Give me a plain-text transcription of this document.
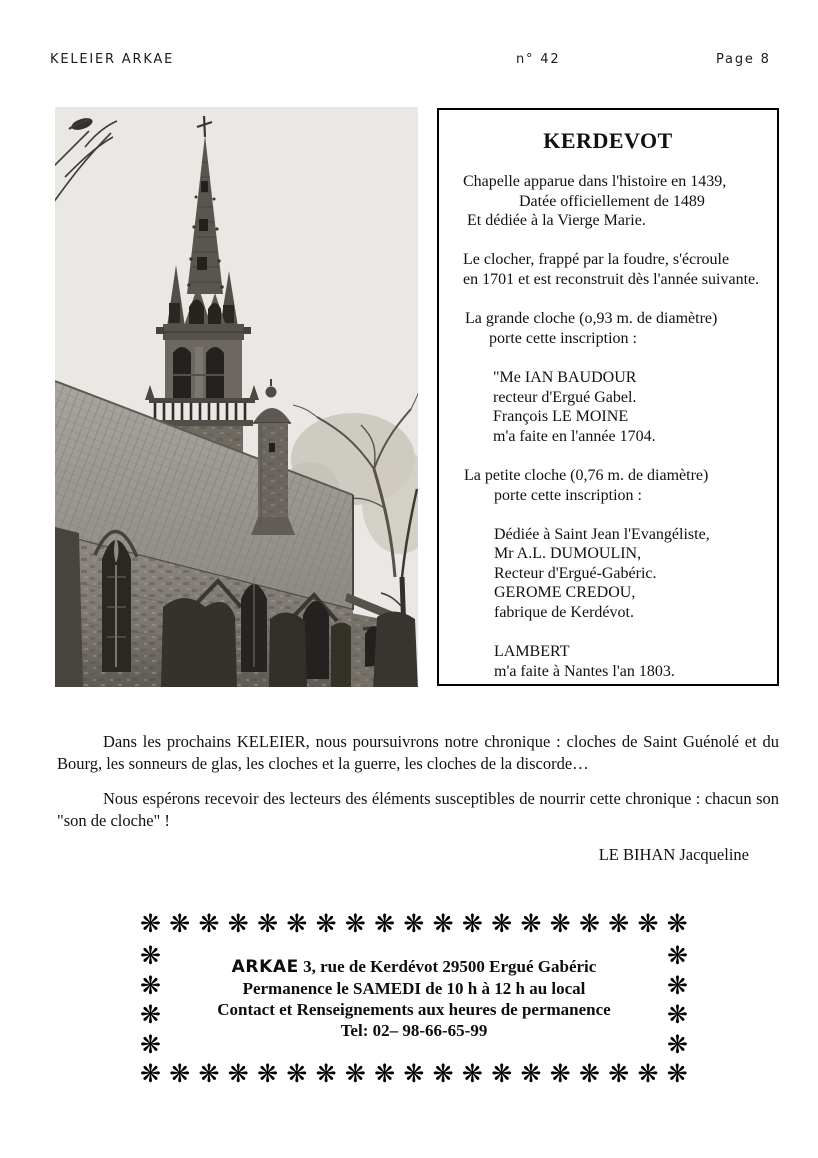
KELEIER ARKAE	n° 42	Page 8
KERDEVOT
Chapelle apparue dans l'histoire en 1439,
Datée officiellement de 1489
Et dédiée à la Vierge Marie.

Le clocher, frappé par la foudre, s'écroule
en 1701 et est reconstruit dès l'année suivante.

La grande cloche (o,93 m. de diamètre)
porte cette inscription :

"Me IAN BAUDOUR
recteur d'Ergué Gabel.
François LE MOINE
m'a faite en l'année 1704.

La petite cloche (0,76 m. de diamètre)
porte cette inscription :

Dédiée à Saint Jean l'Evangéliste,
Mr A.L. DUMOULIN,
Recteur d'Ergué-Gabéric.
GEROME CREDOU,
fabrique de Kerdévot.

LAMBERT
m'a faite à Nantes l'an 1803.

Dans les prochains KELEIER, nous poursuivrons notre chronique : cloches de Saint Guénolé et du Bourg, les sonneurs de glas, les cloches et la guerre, les cloches de la discorde…

Nous espérons recevoir des lecteurs des éléments susceptibles de nourrir cette chronique : chacun son "son de cloche" !

LE BIHAN Jacqueline
❋ ❋ ❋ ❋ ❋ ❋ ❋ ❋ ❋ ❋ ❋ ❋ ❋ ❋ ❋ ❋ ❋ ❋ ❋
❋
❋
❋
❋
ARKAE 3, rue de Kerdévot 29500 Ergué Gabéric
Permanence le SAMEDI de 10 h à 12 h au local
Contact et Renseignements aux heures de permanence
Tel: 02– 98-66-65-99
❋
❋
❋
❋
❋ ❋ ❋ ❋ ❋ ❋ ❋ ❋ ❋ ❋ ❋ ❋ ❋ ❋ ❋ ❋ ❋ ❋ ❋
